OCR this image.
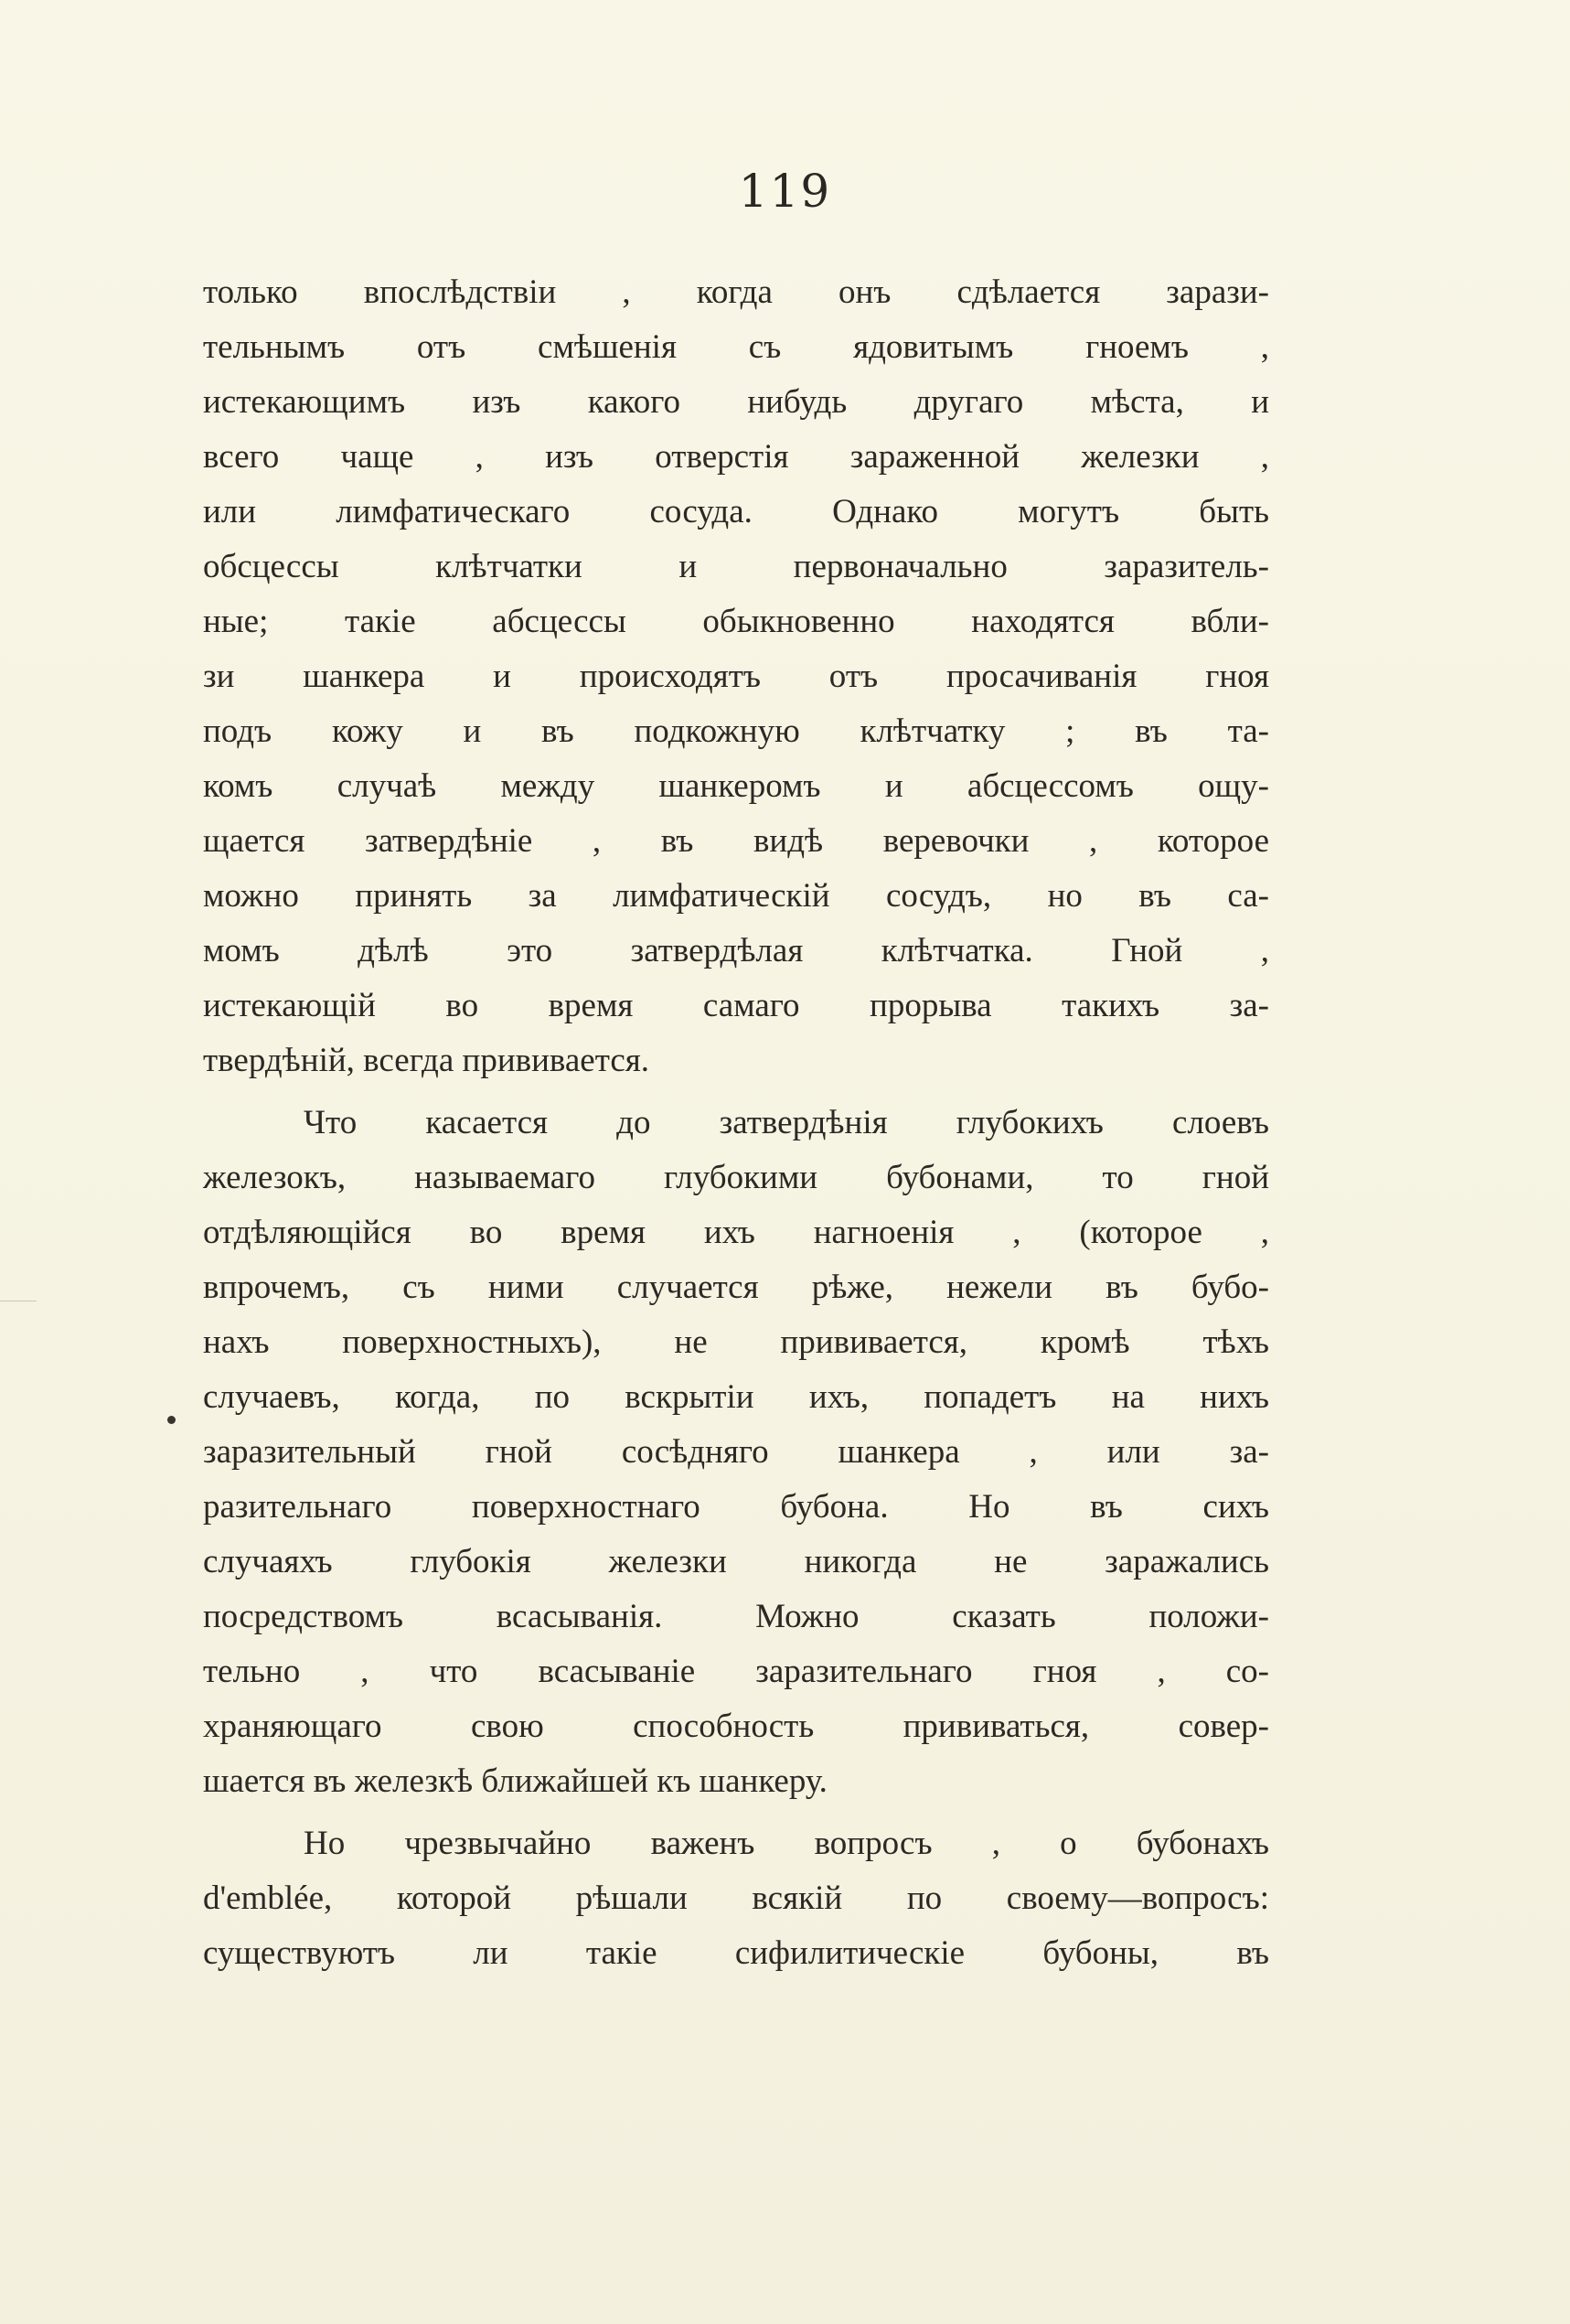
119
только впослѣдствіи , когда онъ сдѣлается зарази-
тельнымъ отъ смѣшенія съ ядовитымъ гноемъ ,
истекающимъ изъ какого нибудь другаго мѣста, и
всего чаще , изъ отверстія зараженной железки ,
или лимфатическаго сосуда. Однако могутъ быть
обсцессы клѣтчатки и первоначально заразитель-
ные; такіе абсцессы обыкновенно находятся вбли-
зи шанкера и происходятъ отъ просачиванія гноя
подъ кожу и въ подкожную клѣтчатку ; въ та-
комъ случаѣ между шанкеромъ и абсцессомъ ощу-
щается затвердѣніе , въ видѣ веревочки , которое
можно принять за лимфатическій сосудъ, но въ са-
момъ дѣлѣ это затвердѣлая клѣтчатка. Гной ,
истекающій во время самаго прорыва такихъ за-
твердѣній, всегда прививается.
Что касается до затвердѣнія глубокихъ слоевъ
железокъ, называемаго глубокими бубонами, то гной
отдѣляющійся во время ихъ нагноенія , (которое ,
впрочемъ, съ ними случается рѣже, нежели въ бубо-
нахъ поверхностныхъ), не прививается, кромѣ тѣхъ
случаевъ, когда, по вскрытіи ихъ, попадетъ на нихъ
заразительный гной сосѣдняго шанкера , или за-
разительнаго поверхностнаго бубона. Но въ сихъ
случаяхъ глубокія железки никогда не заражались
посредствомъ всасыванія. Можно сказать положи-
тельно , что всасываніе заразительнаго гноя , со-
храняющаго свою способность прививаться, совер-
шается въ железкѣ ближайшей къ шанкеру.
Но чрезвычайно важенъ вопросъ , о бубонахъ
d'emblée, которой рѣшали всякій по своему—вопросъ:
существуютъ ли такіе сифилитическіе бубоны, въ
